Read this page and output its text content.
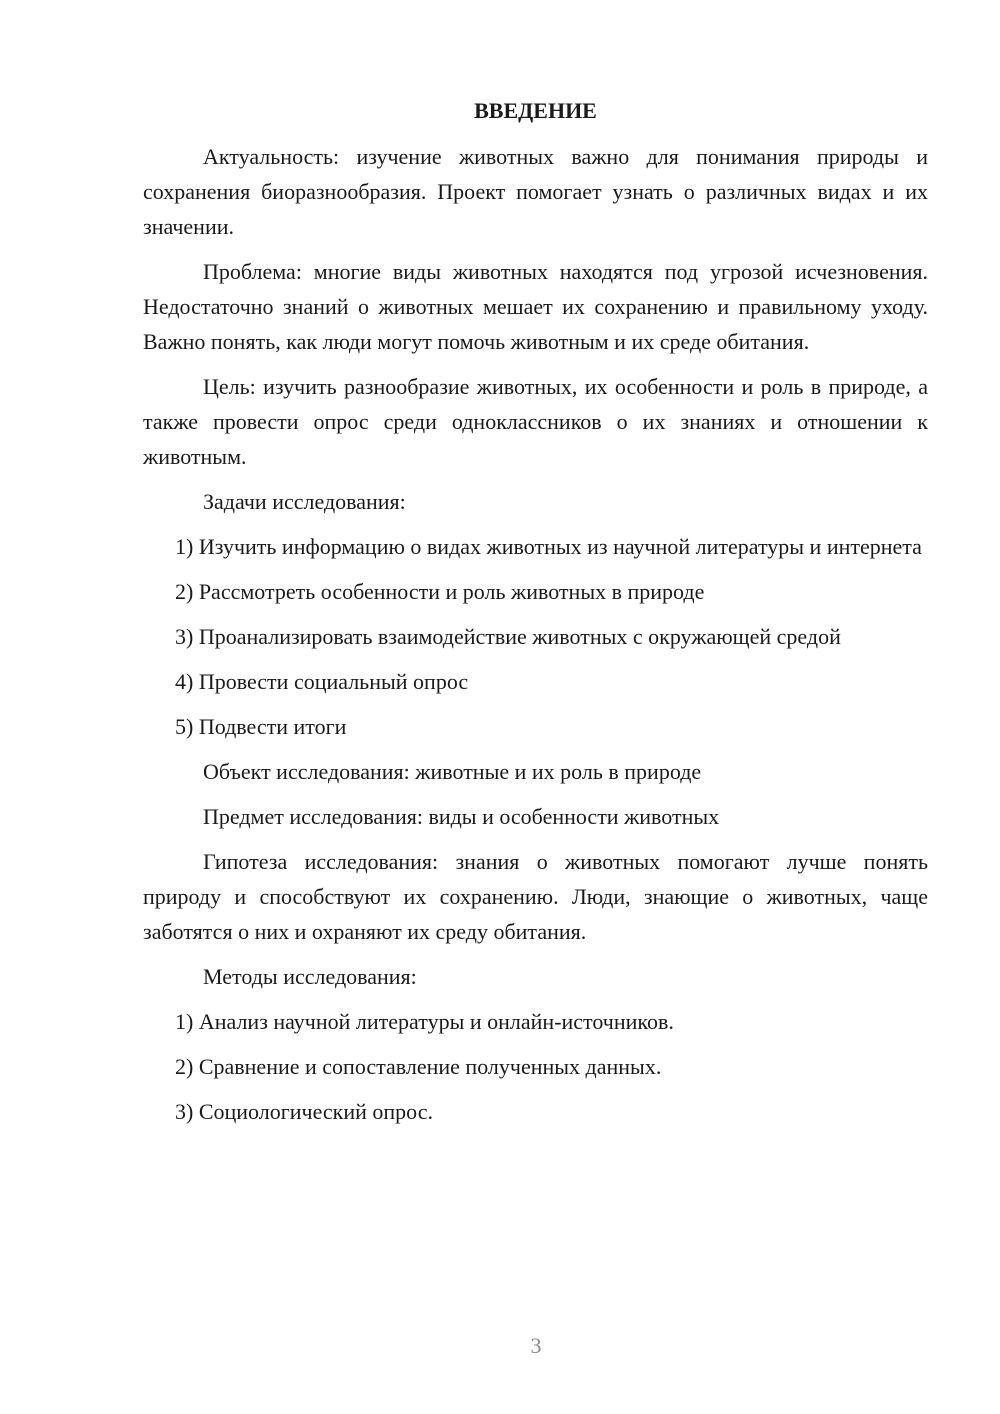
ВВЕДЕНИЕ

Актуальность: изучение животных важно для понимания природы и сохранения биоразнообразия. Проект помогает узнать о различных видах и их значении.

Проблема: многие виды животных находятся под угрозой исчезновения. Недостаточно знаний о животных мешает их сохранению и правильному уходу. Важно понять, как люди могут помочь животным и их среде обитания.

Цель: изучить разнообразие животных, их особенности и роль в природе, а также провести опрос среди одноклассников о их знаниях и отношении к животным.

Задачи исследования:

1) Изучить информацию о видах животных из научной литературы и интернета

2) Рассмотреть особенности и роль животных в природе

3) Проанализировать взаимодействие животных с окружающей средой

4) Провести социальный опрос

5) Подвести итоги

Объект исследования: животные и их роль в природе

Предмет исследования: виды и особенности животных

Гипотеза исследования: знания о животных помогают лучше понять природу и способствуют их сохранению. Люди, знающие о животных, чаще заботятся о них и охраняют их среду обитания.

Методы исследования:

1) Анализ научной литературы и онлайн-источников.

2) Сравнение и сопоставление полученных данных.

3) Социологический опрос.

3
